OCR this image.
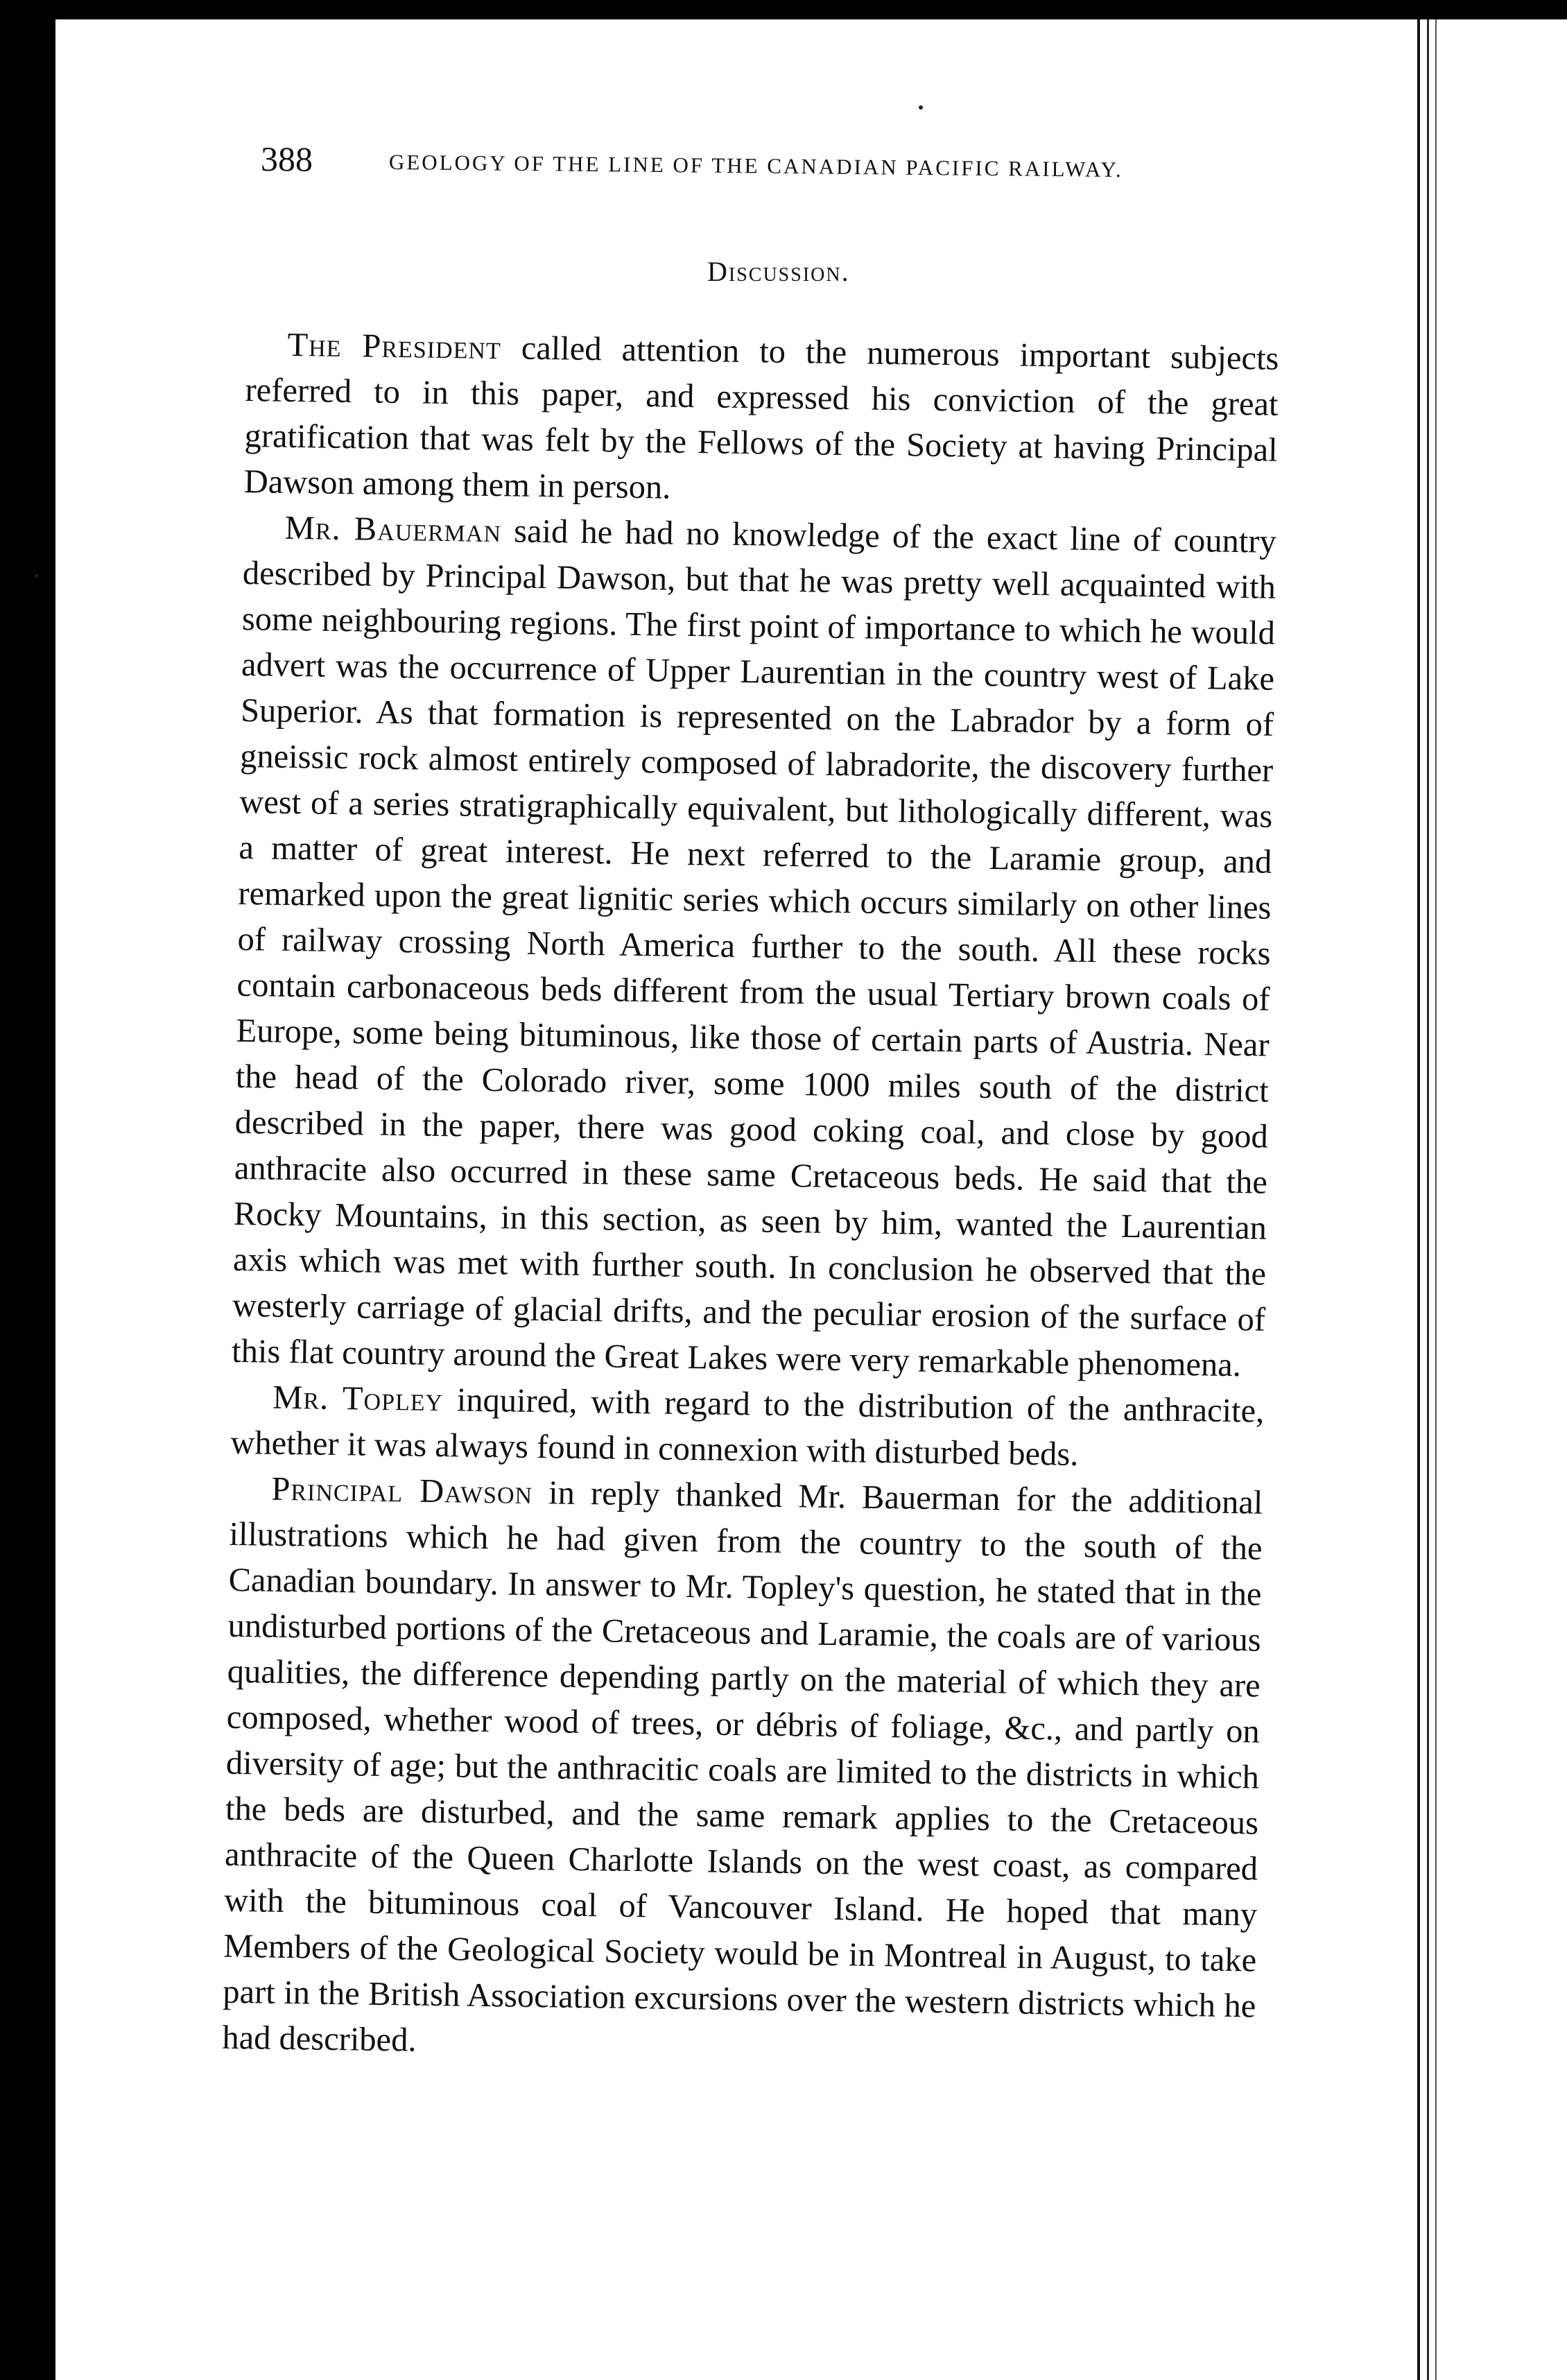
388	GEOLOGY OF THE LINE OF THE CANADIAN PACIFIC RAILWAY.
Discussion.

The President called attention to the numerous important subjects referred to in this paper, and expressed his conviction of the great gratification that was felt by the Fellows of the Society at having Principal Dawson among them in person.

Mr. Bauerman said he had no knowledge of the exact line of country described by Principal Dawson, but that he was pretty well acquainted with some neighbouring regions. The first point of importance to which he would advert was the occurrence of Upper Laurentian in the country west of Lake Superior. As that formation is represented on the Labrador by a form of gneissic rock almost entirely composed of labradorite, the discovery further west of a series stratigraphically equivalent, but lithologically different, was a matter of great interest. He next referred to the Laramie group, and remarked upon the great lignitic series which occurs similarly on other lines of railway crossing North America further to the south. All these rocks contain carbonaceous beds different from the usual Tertiary brown coals of Europe, some being bituminous, like those of certain parts of Austria. Near the head of the Colorado river, some 1000 miles south of the district described in the paper, there was good coking coal, and close by good anthracite also occurred in these same Cretaceous beds. He said that the Rocky Mountains, in this section, as seen by him, wanted the Laurentian axis which was met with further south. In conclusion he observed that the westerly carriage of glacial drifts, and the peculiar erosion of the surface of this flat country around the Great Lakes were very remarkable phenomena.

Mr. Topley inquired, with regard to the distribution of the anthracite, whether it was always found in connexion with disturbed beds.

Principal Dawson in reply thanked Mr. Bauerman for the additional illustrations which he had given from the country to the south of the Canadian boundary. In answer to Mr. Topley's question, he stated that in the undisturbed portions of the Cretaceous and Laramie, the coals are of various qualities, the difference depending partly on the material of which they are composed, whether wood of trees, or débris of foliage, &c., and partly on diversity of age; but the anthracitic coals are limited to the districts in which the beds are disturbed, and the same remark applies to the Cretaceous anthracite of the Queen Charlotte Islands on the west coast, as compared with the bituminous coal of Vancouver Island. He hoped that many Members of the Geological Society would be in Montreal in August, to take part in the British Association excursions over the western districts which he had described.
